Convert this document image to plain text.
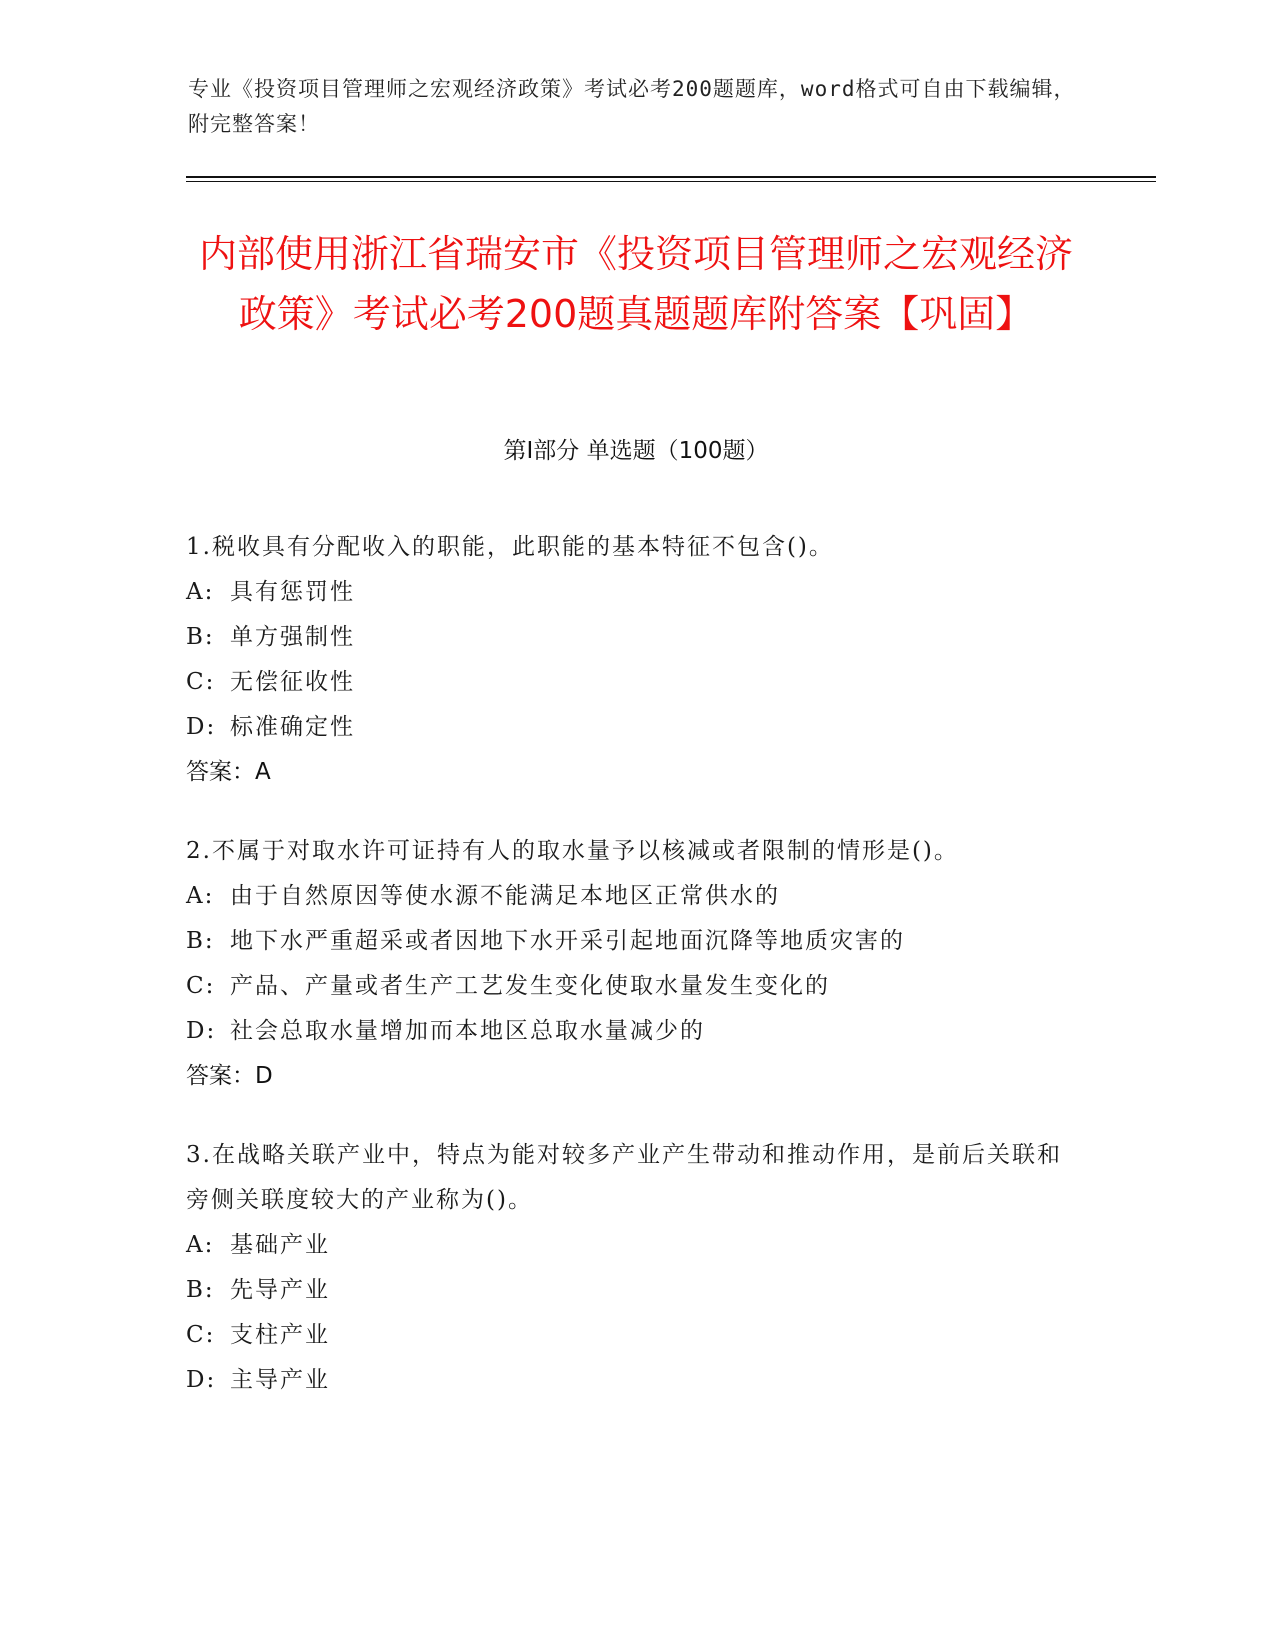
专业《投资项目管理师之宏观经济政策》考试必考200题题库，word格式可自由下载编辑，附完整答案！
内部使用浙江省瑞安市《投资项目管理师之宏观经济政策》考试必考200题真题题库附答案【巩固】
第I部分 单选题（100题）
1.税收具有分配收入的职能，此职能的基本特征不包含()。
A: 具有惩罚性
B: 单方强制性
C: 无偿征收性
D: 标准确定性
答案：A
2.不属于对取水许可证持有人的取水量予以核减或者限制的情形是()。
A: 由于自然原因等使水源不能满足本地区正常供水的
B: 地下水严重超采或者因地下水开采引起地面沉降等地质灾害的
C: 产品、产量或者生产工艺发生变化使取水量发生变化的
D: 社会总取水量增加而本地区总取水量减少的
答案：D
3.在战略关联产业中，特点为能对较多产业产生带动和推动作用，是前后关联和旁侧关联度较大的产业称为()。
A: 基础产业
B: 先导产业
C: 支柱产业
D: 主导产业
